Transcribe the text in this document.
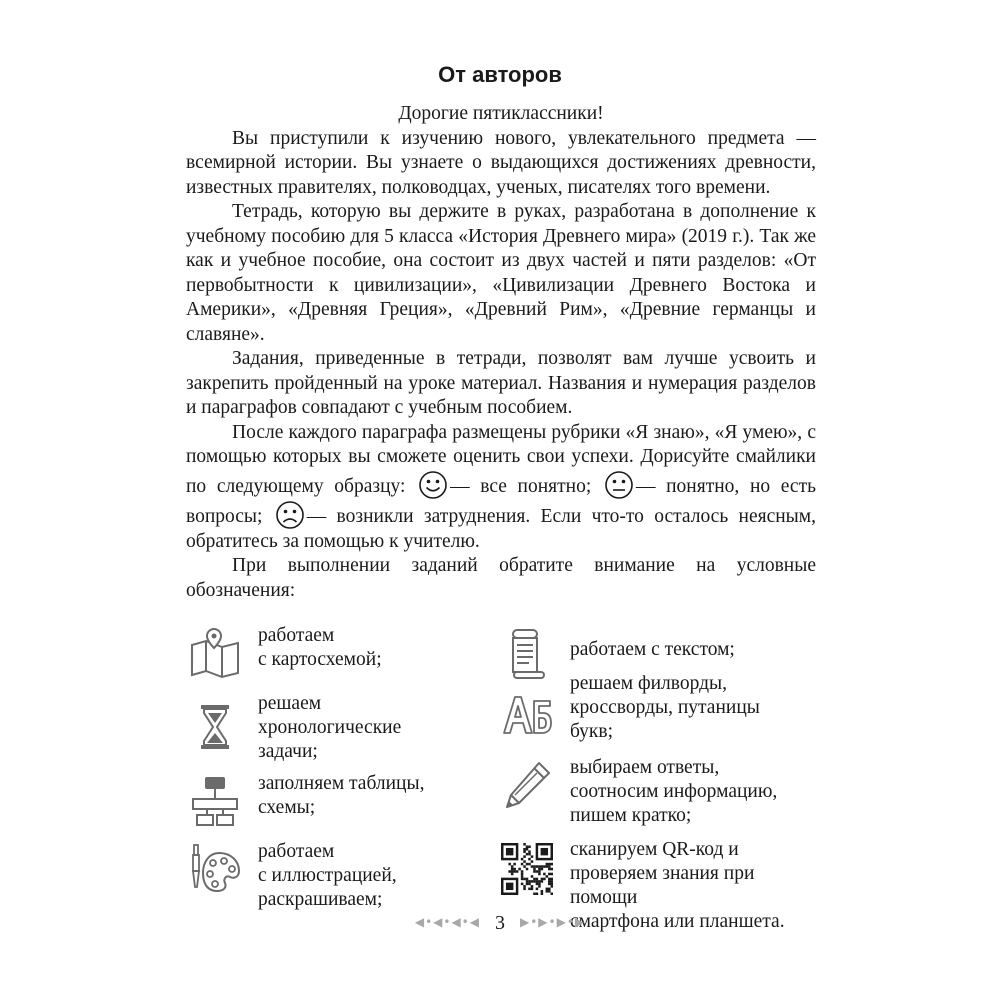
От авторов

Дорогие пятиклассники!

Вы приступили к изучению нового, увлекательного предмета — всемирной истории. Вы узнаете о выдающихся достижениях древности, известных правителях, полководцах, ученых, писателях того времени.

Тетрадь, которую вы держите в руках, разработана в дополнение к учебному пособию для 5 класса «История Древнего мира» (2019 г.). Так же как и учебное пособие, она состоит из двух частей и пяти разделов: «От первобытности к цивилизации», «Цивилизации Древнего Востока и Америки», «Древняя Греция», «Древний Рим», «Древние германцы и славяне».

Задания, приведенные в тетради, позволят вам лучше усвоить и закрепить пройденный на уроке материал. Названия и нумерация разделов и параграфов совпадают с учебным пособием.

После каждого параграфа размещены рубрики «Я знаю», «Я умею», с помощью которых вы сможете оценить свои успехи. Дорисуйте смайлики по следующему образцу: — все понятно; — понятно, но есть вопросы; — возникли затруднения. Если что-то осталось неясным, обратитесь за помощью к учителю.

При выполнении заданий обратите внимание на условные обозначения:

работаем
с картосхемой;
решаем
хронологические
задачи;
заполняем таблицы,
схемы;
работаем
с иллюстрацией,
раскрашиваем;
работаем с текстом;
решаем филворды,
кроссворды, путаницы
букв;
выбираем ответы,
соотносим информацию,
пишем кратко;
сканируем QR-код и проверяем знания при помощи
смартфона или планшета.
◀•◀•◀•◀ 3 ▶•▶•▶•▶
